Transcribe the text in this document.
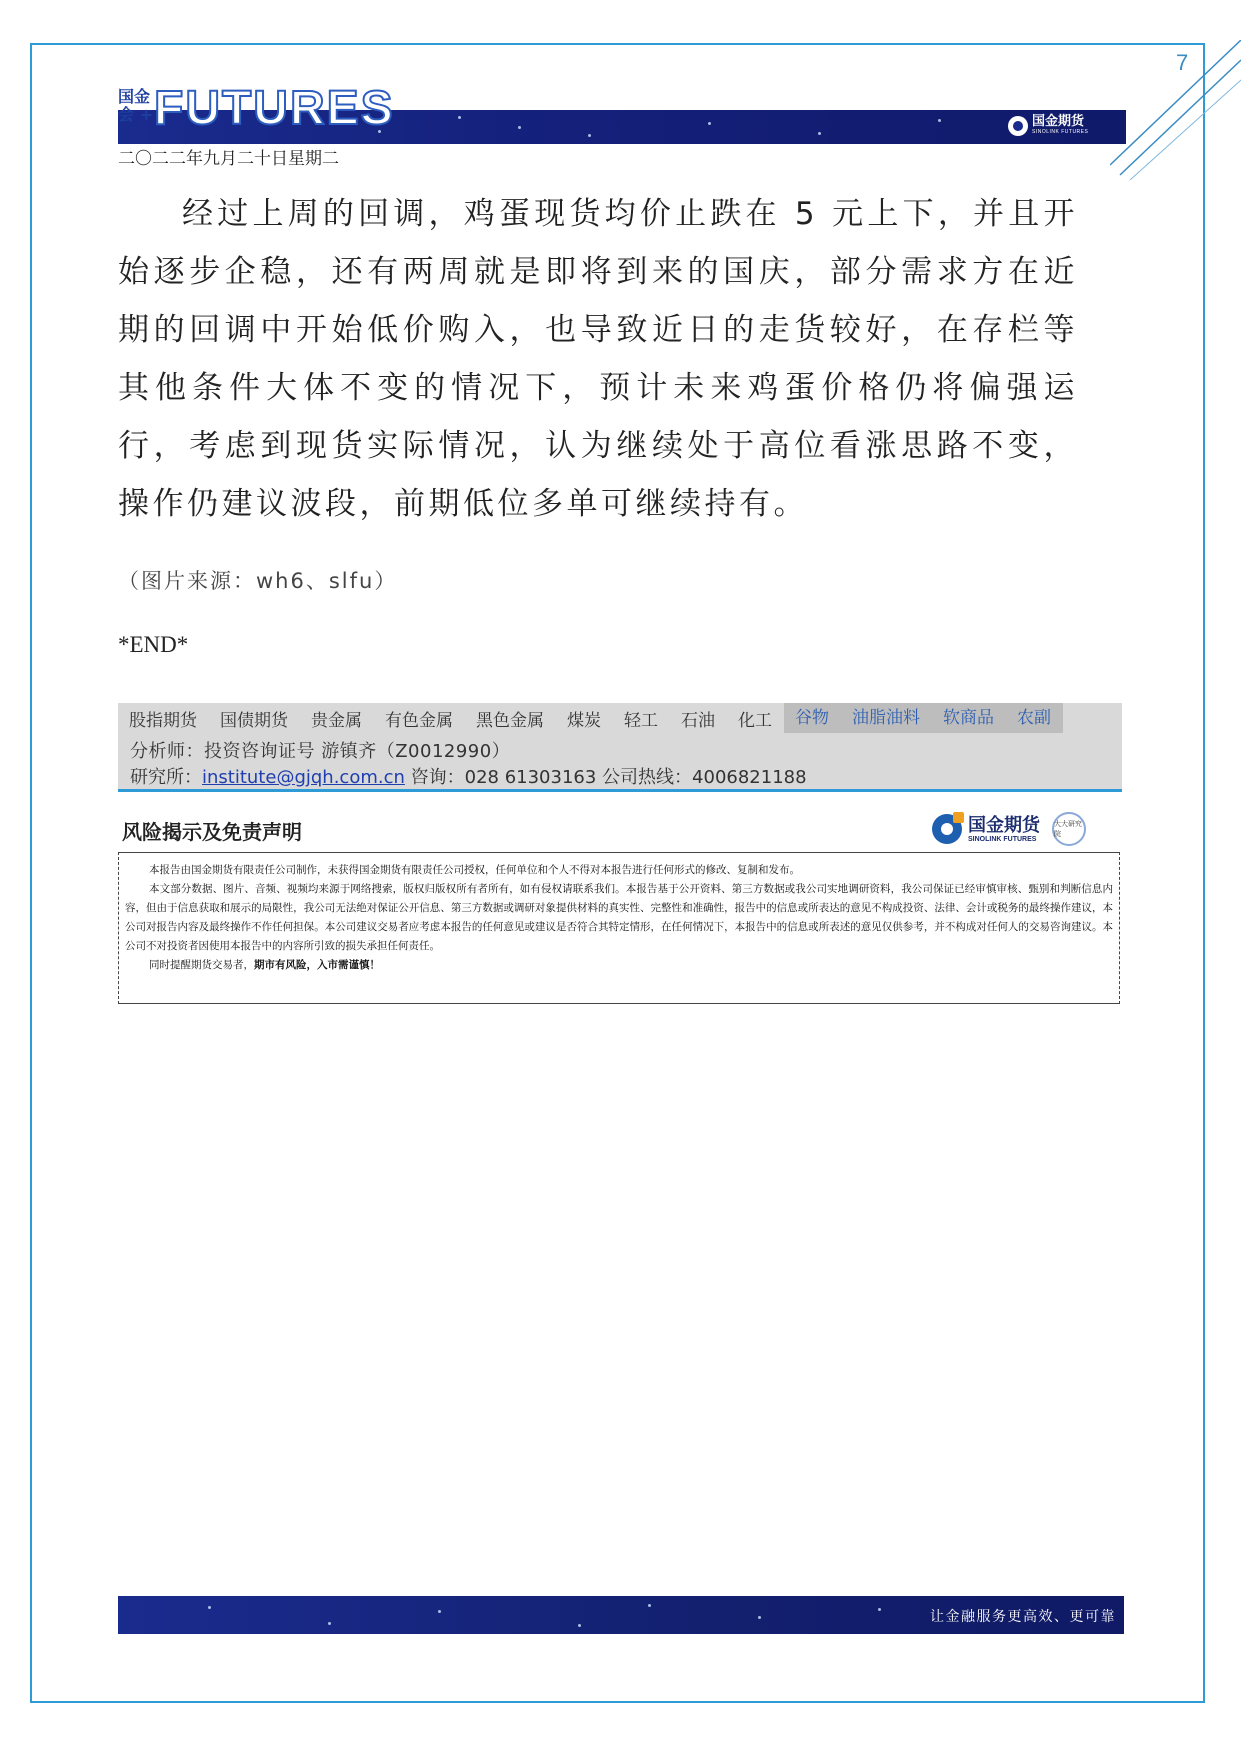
7
国金
会 + FUTURES	国金期货
SINOLINK FUTURES
二〇二二年九月二十日星期二
经过上周的回调，鸡蛋现货均价止跌在 5 元上下，并且开始逐步企稳，还有两周就是即将到来的国庆，部分需求方在近期的回调中开始低价购入，也导致近日的走货较好，在存栏等其他条件大体不变的情况下，预计未来鸡蛋价格仍将偏强运行，考虑到现货实际情况，认为继续处于高位看涨思路不变，操作仍建议波段，前期低位多单可继续持有。
（图片来源：wh6、slfu）
*END*
股指期货	国债期货	贵金属	有色金属	黑色金属	煤炭	轻工	石油	化工	谷物	油脂油料	软商品	农副
分析师：投资咨询证号 游镇齐（Z0012990）
研究所：institute@gjqh.com.cn 咨询：028 61303163 公司热线：4006821188
风险揭示及免责声明	国金期货
SINOLINK FUTURES
大大研究院

本报告由国金期货有限责任公司制作，未获得国金期货有限责任公司授权，任何单位和个人不得对本报告进行任何形式的修改、复制和发布。

本文部分数据、图片、音频、视频均来源于网络搜索，版权归版权所有者所有，如有侵权请联系我们。本报告基于公开资料、第三方数据或我公司实地调研资料，我公司保证已经审慎审核、甄别和判断信息内容，但由于信息获取和展示的局限性，我公司无法绝对保证公开信息、第三方数据或调研对象提供材料的真实性、完整性和准确性，报告中的信息或所表达的意见不构成投资、法律、会计或税务的最终操作建议，本公司对报告内容及最终操作不作任何担保。本公司建议交易者应考虑本报告的任何意见或建议是否符合其特定情形，在任何情况下，本报告中的信息或所表述的意见仅供参考，并不构成对任何人的交易咨询建议。本公司不对投资者因使用本报告中的内容所引致的损失承担任何责任。

同时提醒期货交易者，期市有风险，入市需谨慎！

让金融服务更高效、更可靠
